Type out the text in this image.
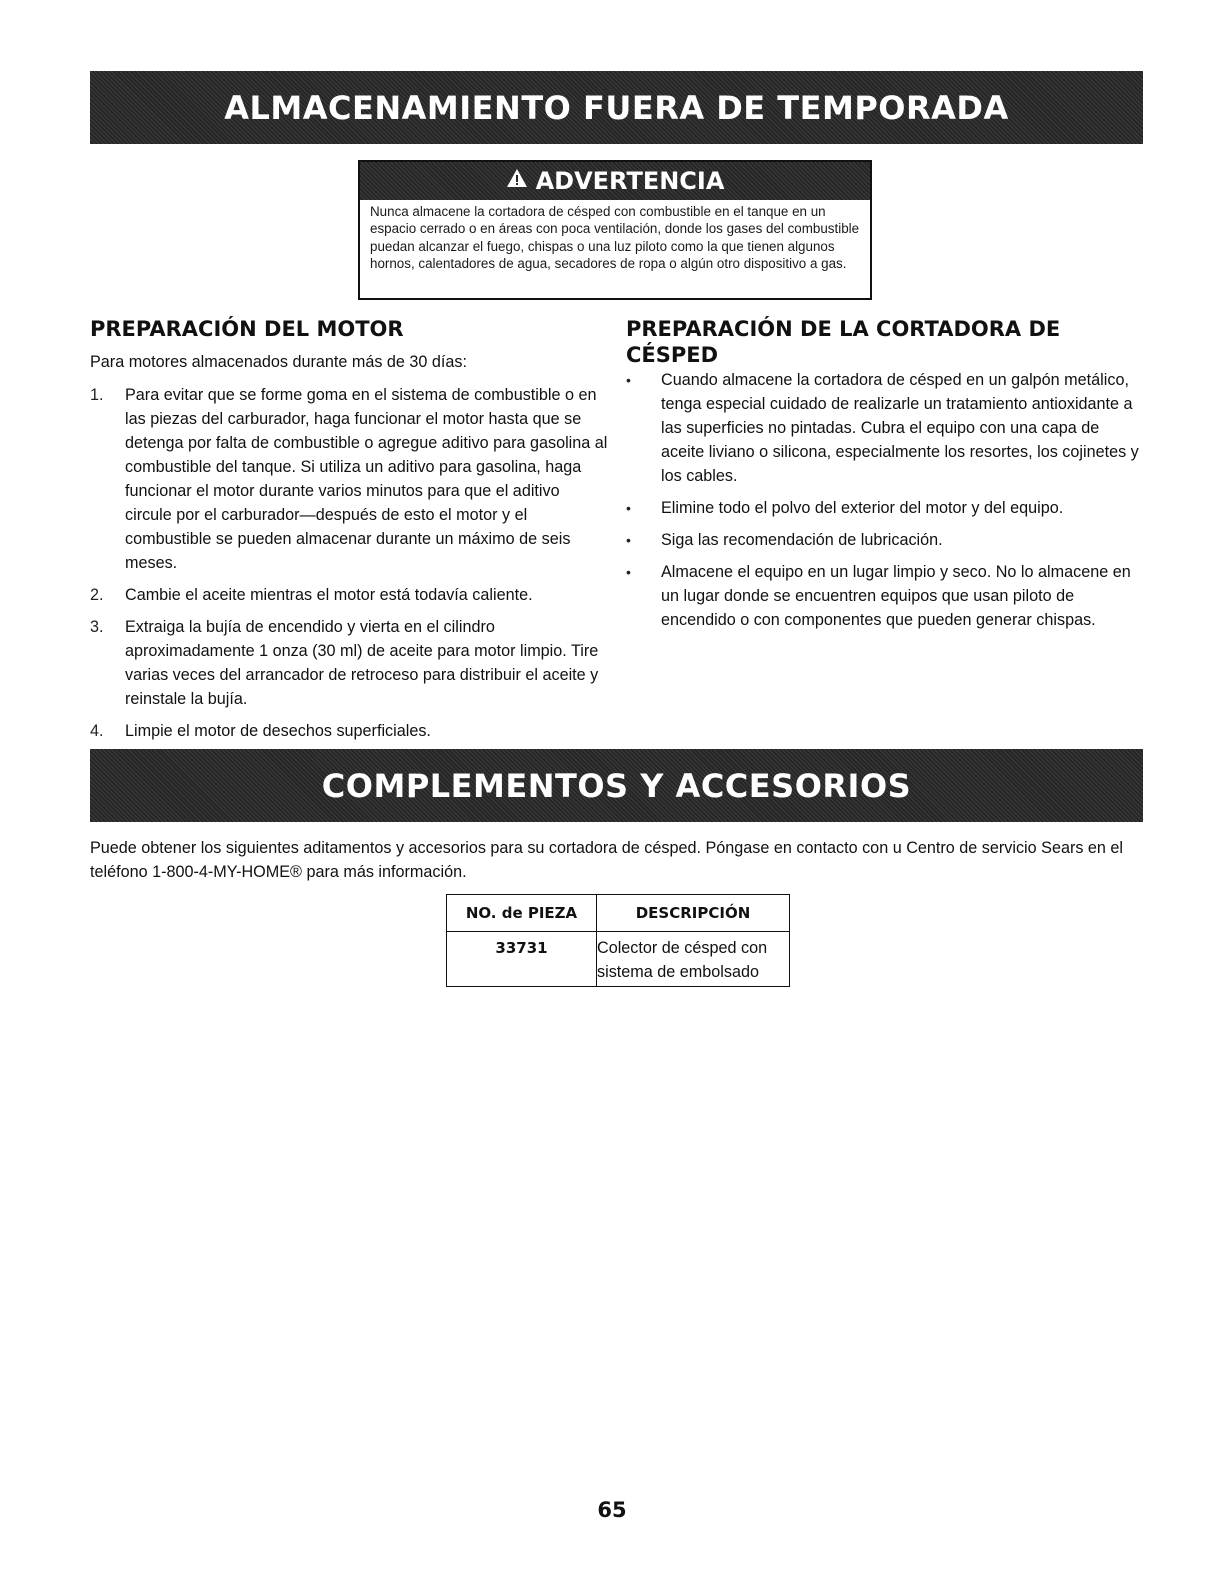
ALMACENAMIENTO FUERA DE TEMPORADA
ADVERTENCIA
Nunca almacene la cortadora de césped con combustible en el tanque en un espacio cerrado o en áreas con poca ventilación, donde los gases del combustible puedan alcanzar el fuego, chispas o una luz piloto como la que tienen algunos hornos, calentadores de agua, secadores de ropa o algún otro dispositivo a gas.
PREPARACIÓN DEL MOTOR
Para motores almacenados durante más de 30 días:
1. Para evitar que se forme goma en el sistema de combustible o en las piezas del carburador, haga funcionar el motor hasta que se detenga por falta de combustible o agregue aditivo para gasolina al combustible del tanque. Si utiliza un aditivo para gasolina, haga funcionar el motor durante varios minutos para que el aditivo circule por el carburador—después de esto el motor y el combustible se pueden almacenar durante un máximo de seis meses.
2. Cambie el aceite mientras el motor está todavía caliente.
3. Extraiga la bujía de encendido y vierta en el cilindro aproximadamente 1 onza (30 ml) de aceite para motor limpio. Tire varias veces del arrancador de retroceso para distribuir el aceite y reinstale la bujía.
4. Limpie el motor de desechos superficiales.
PREPARACIÓN DE LA CORTADORA DE CÉSPED
• Cuando almacene la cortadora de césped en un galpón metálico, tenga especial cuidado de realizarle un tratamiento antioxidante a las superficies no pintadas. Cubra el equipo con una capa de aceite liviano o silicona, especialmente los resortes, los cojinetes y los cables.
• Elimine todo el polvo del exterior del motor y del equipo.
• Siga las recomendación de lubricación.
• Almacene el equipo en un lugar limpio y seco. No lo almacene en un lugar donde se encuentren equipos que usan piloto de encendido o con componentes que pueden generar chispas.
COMPLEMENTOS Y ACCESORIOS
Puede obtener los siguientes aditamentos y accesorios para su cortadora de césped. Póngase en contacto con u Centro de servicio Sears en el teléfono 1-800-4-MY-HOME® para más información.
NO. de PIEZA	DESCRIPCIÓN
33731	Colector de césped con sistema de embolsado
65
